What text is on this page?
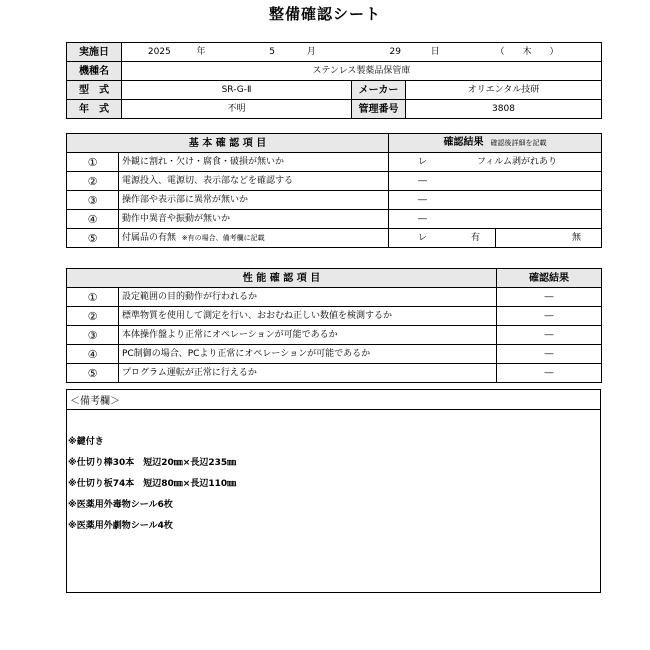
整備確認シート
実施日	2025 年 5 月 29 日 （　　木　　）		
機種名	ステンレス製薬品保管庫		
型　式	SR-G-Ⅱ	メーカー	オリエンタル技研
年　式	不明	管理番号	3808
基 本 確 認 項 目		確認結果 確認後詳細を記載	
①	外観に割れ・欠け・腐食・破損が無いか	レ フィルム剥がれあり	
②	電源投入、電源切、表示部などを確認する	―	
③	操作部や表示部に異常が無いか	―	
④	動作中異音や振動が無いか	―	
⑤	付属品の有無 ※有の場合、備考欄に記載	レ 有	無
性 能 確 認 項 目		確認結果
①	設定範囲の目的動作が行われるか	―
②	標準物質を使用して測定を行い、おおむね正しい数値を検測するか	―
③	本体操作盤より正常にオペレーションが可能であるか	―
④	PC制御の場合、PCより正常にオペレーションが可能であるか	―
⑤	プログラム運転が正常に行えるか	―
＜備考欄＞
※鍵付き
※仕切り棒30本　短辺20㎜×長辺235㎜
※仕切り板74本　短辺80㎜×長辺110㎜
※医薬用外毒物シール6枚
※医薬用外劇物シール4枚
